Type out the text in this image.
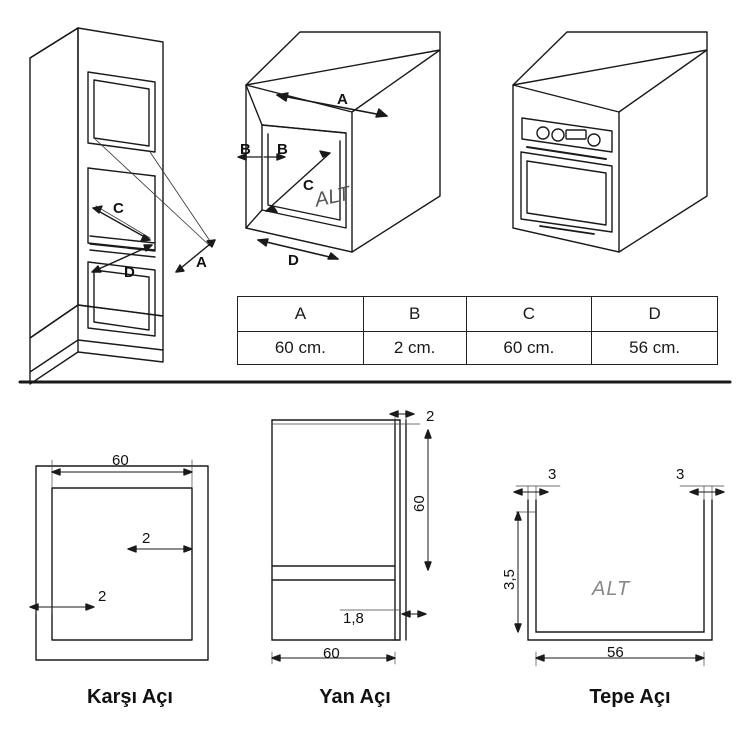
A
B B
C
D
ALT
C
D
A
A	B	C	D
60 cm.	2 cm.	60 cm.	56 cm.
60
2
2
2
60
1,8
60
3	3
3,5
56
ALT
Karşı Açı	Yan Açı	Tepe Açı
